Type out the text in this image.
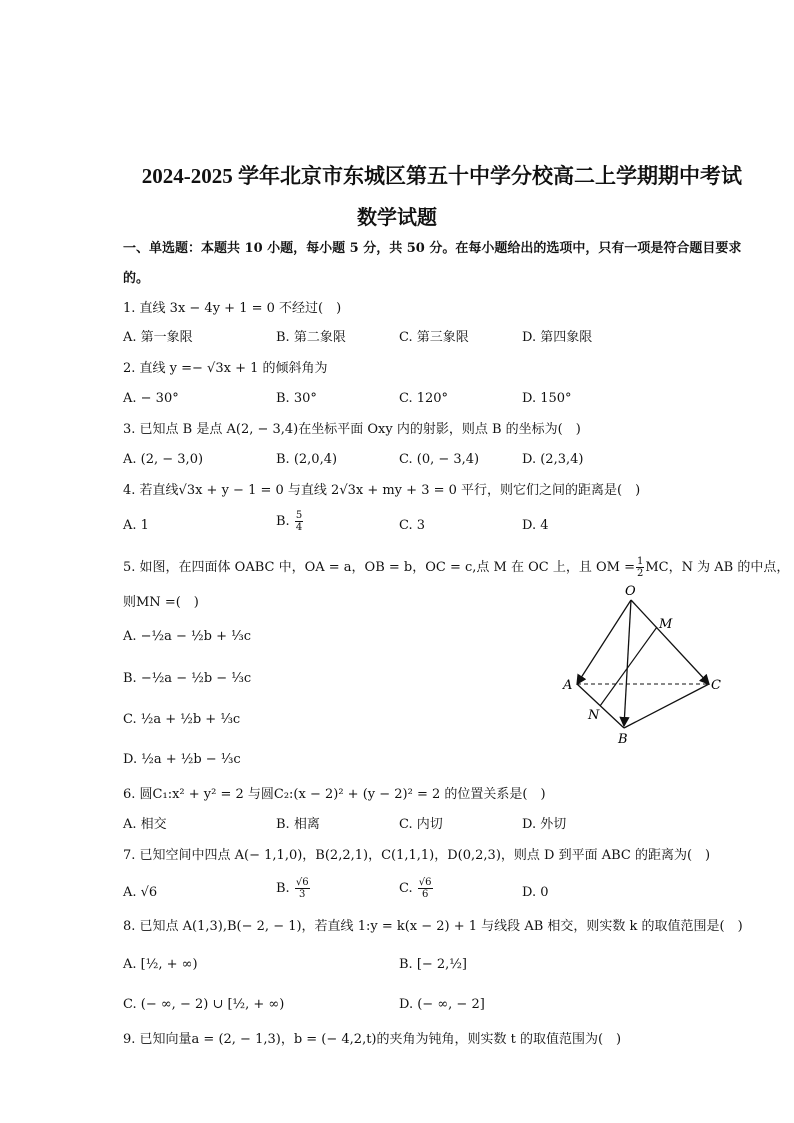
2024-2025 学年北京市东城区第五十中学分校高二上学期期中考试
数学试题
一、单选题：本题共 10 小题，每小题 5 分，共 50 分。在每小题给出的选项中，只有一项是符合题目要求
的。
1. 直线 3x − 4y + 1 = 0 不经过(　)
A. 第一象限	B. 第二象限	C. 第三象限	D. 第四象限
2. 直线 y =− √3x + 1 的倾斜角为
A. − 30°	B. 30°	C. 120°	D. 150°
3. 已知点 B 是点 A(2, − 3,4)在坐标平面 Oxy 内的射影，则点 B 的坐标为(　)
A. (2, − 3,0)	B. (2,0,4)	C. (0, − 3,4)	D. (2,3,4)
4. 若直线√3x + y − 1 = 0 与直线 2√3x + my + 3 = 0 平行，则它们之间的距离是(　)
A. 1	B. $\frac{5}{4}$	C. 3	D. 4
5. 如图，在四面体 OABC 中，OA = a，OB = b，OC = c,点 M 在 OC 上，且 OM = $\frac{1}{2}$ MC，N 为 AB 的中点，
则MN =(　)
A. −½a − ½b + ⅓c
B. −½a − ½b − ⅓c
C. ½a + ½b + ⅓c
D. ½a + ½b − ⅓c
O
M
A	C
N
B
6. 圆C₁:x² + y² = 2 与圆C₂:(x − 2)² + (y − 2)² = 2 的位置关系是(　)
A. 相交	B. 相离	C. 内切	D. 外切
7. 已知空间中四点 A(− 1,1,0)，B(2,2,1)，C(1,1,1)，D(0,2,3)，则点 D 到平面 ABC 的距离为(　)
A. √6	B. $\frac{√6}{3}$	C. $\frac{√6}{6}$	D. 0
8. 已知点 A(1,3),B(− 2, − 1)，若直线 1:y = k(x − 2) + 1 与线段 AB 相交，则实数 k 的取值范围是(　)
A. [½, + ∞)	B. [− 2,½]
C. (− ∞, − 2) ∪ [½, + ∞)	D. (− ∞, − 2]
9. 已知向量a = (2, − 1,3)，b = (− 4,2,t)的夹角为钝角，则实数 t 的取值范围为(　)
